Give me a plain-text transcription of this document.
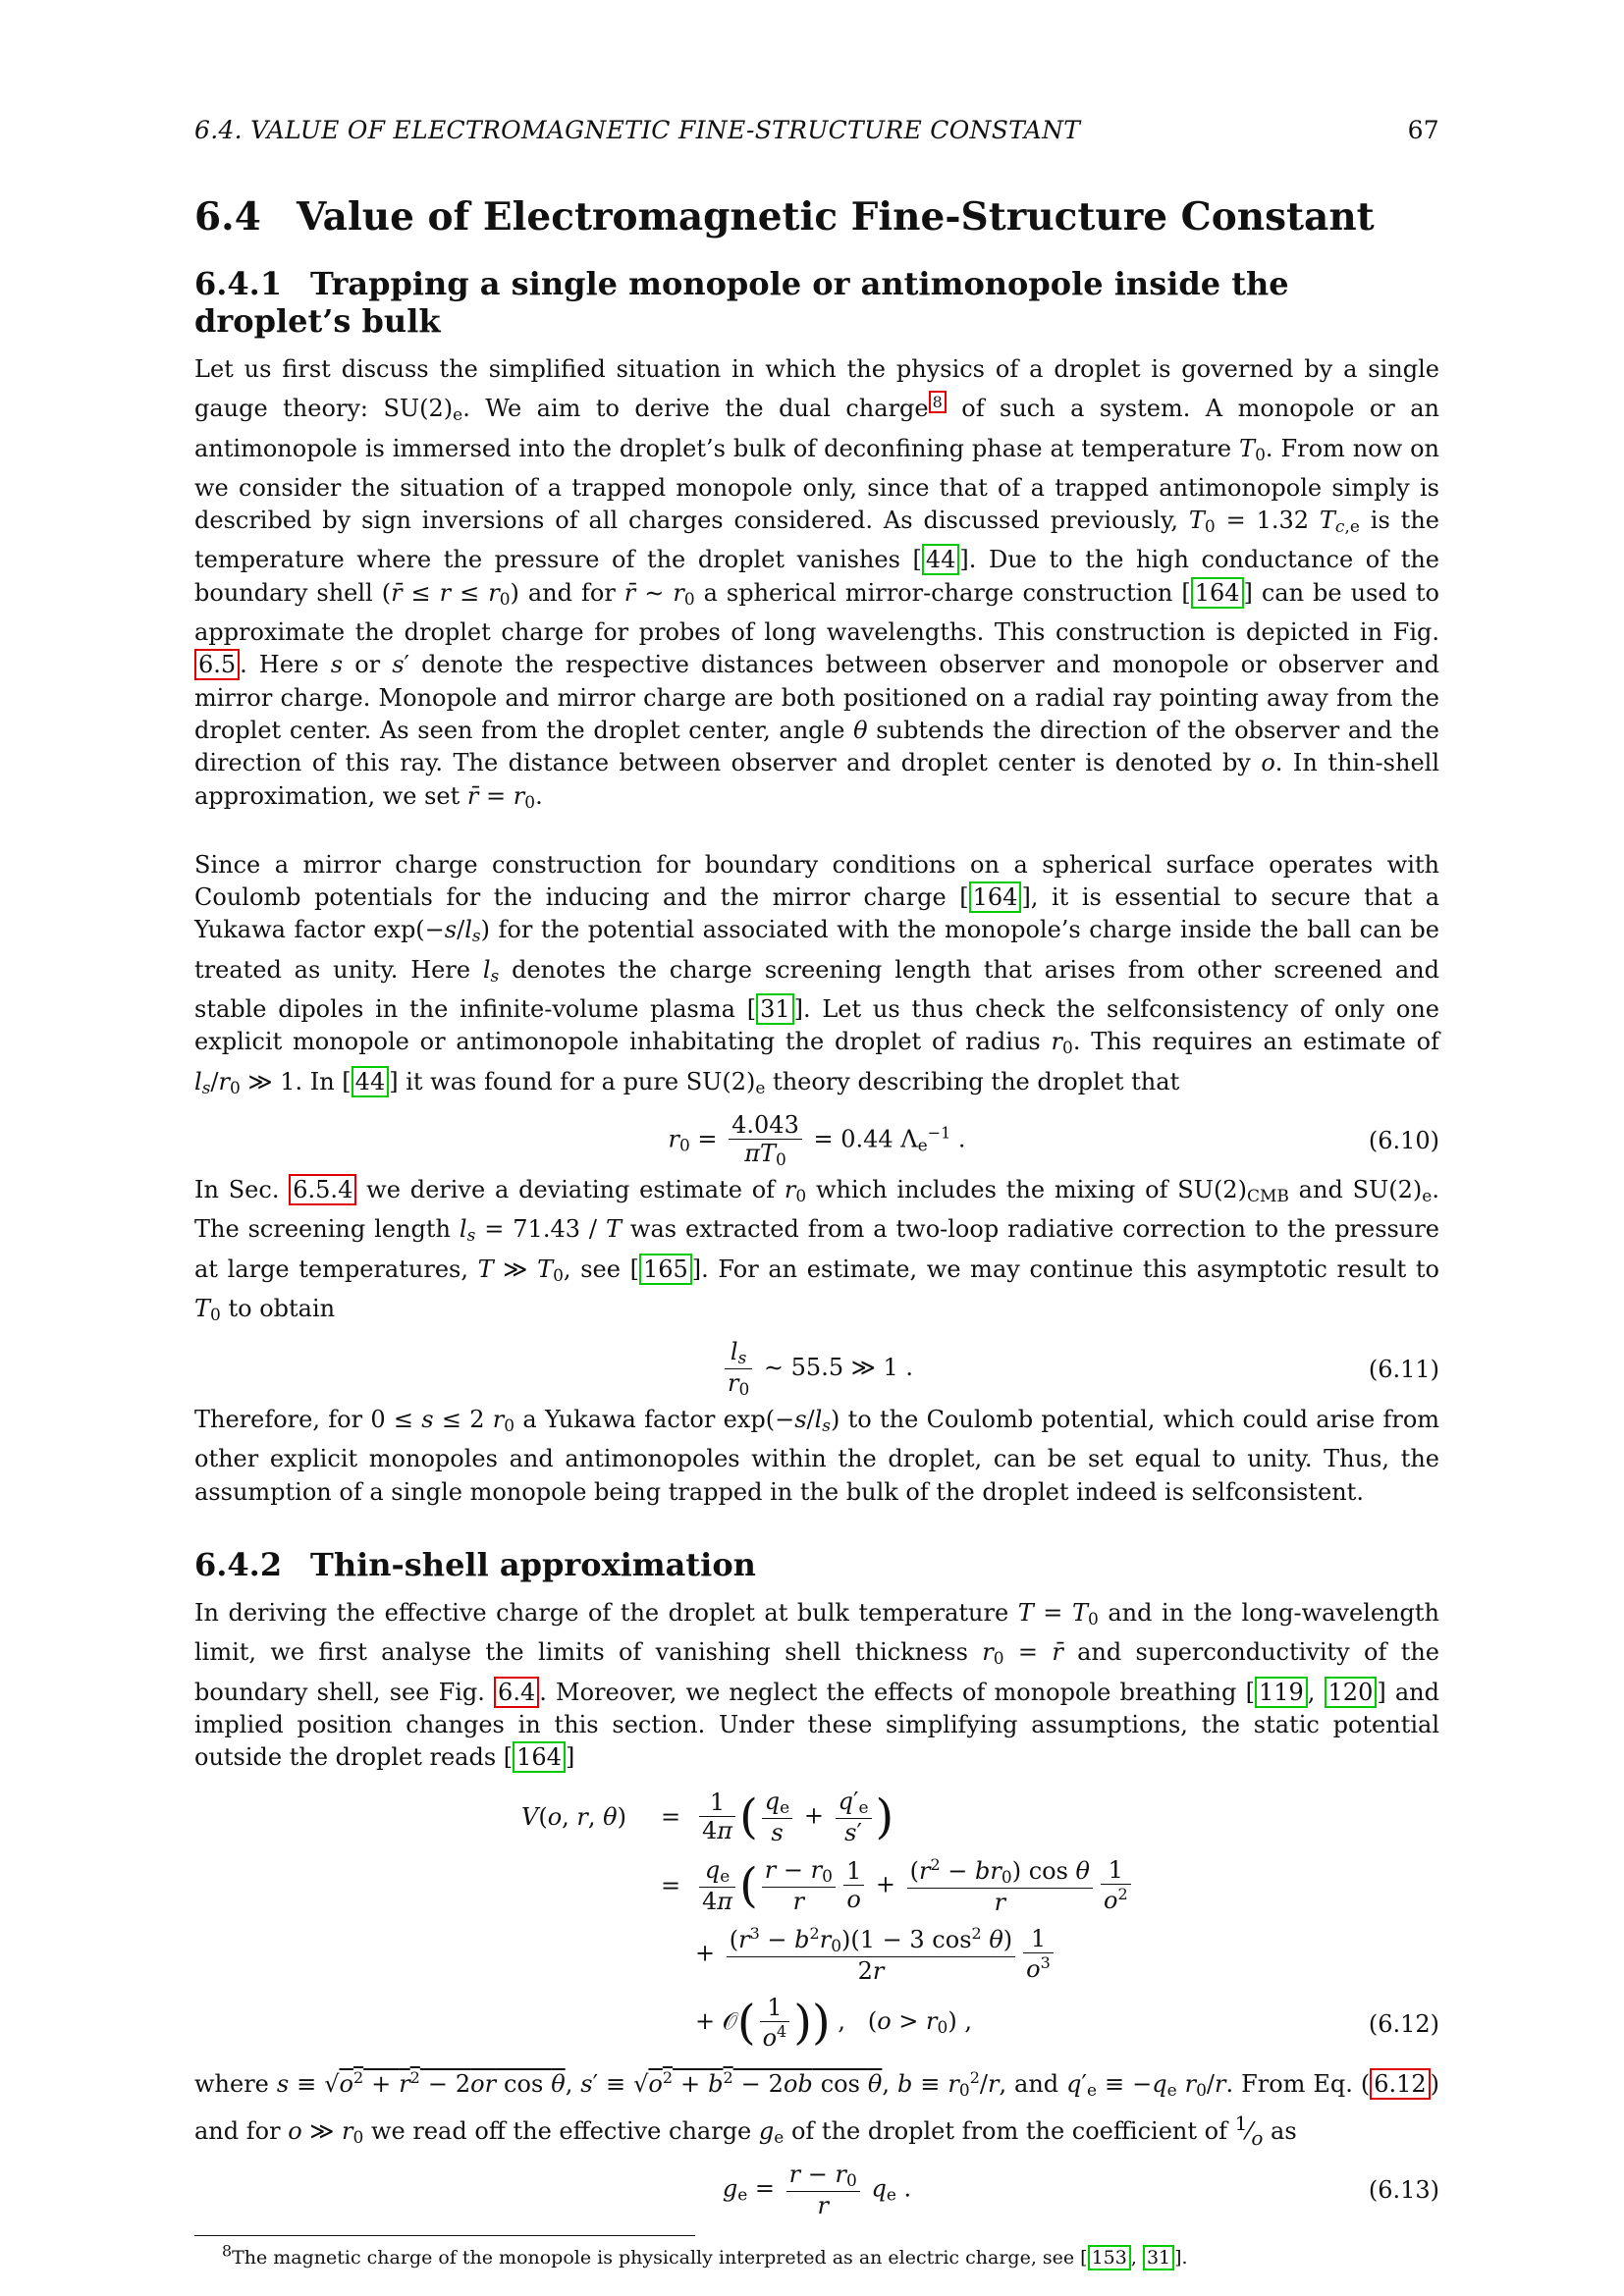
6.4. VALUE OF ELECTROMAGNETIC FINE-STRUCTURE CONSTANT	67
6.4 Value of Electromagnetic Fine-Structure Constant
6.4.1 Trapping a single monopole or antimonopole inside the droplet’s bulk

Let us first discuss the simplified situation in which the physics of a droplet is governed by a single gauge theory: $SU(2)_e$. We aim to derive the dual charge $^8$ of such a system. A monopole or an antimonopole is immersed into the droplet’s bulk of deconfining phase at temperature $T_0$. From now on we consider the situation of a trapped monopole only, since that of a trapped antimonopole simply is described by sign inversions of all charges considered. As discussed previously, $T_0 = 1.32$ $T_{c,e}$ is the temperature where the pressure of the droplet vanishes [ 44 ]. Due to the high conductance of the boundary shell (r̄ ≤ $r \le r_0$) and for r̄ ∼ $r_0$ a spherical mirror-charge construction [ 164 ] can be used to approximate the droplet charge for probes of long wavelengths. This construction is depicted in Fig. 6.5 . Here s or s′ denote the respective distances between observer and monopole or observer and mirror charge. Monopole and mirror charge are both positioned on a radial ray pointing away from the droplet center. As seen from the droplet center, angle θ subtends the direction of the observer and the direction of this ray. The distance between observer and droplet center is denoted by o. In thin-shell approximation, we set r̄ = $r_0$.

Since a mirror charge construction for boundary conditions on a spherical surface operates with Coulomb potentials for the inducing and the mirror charge [ 164 ], it is essential to secure that a Yukawa factor $\exp(-s/l_s)$ for the potential associated with the monopole’s charge inside the ball can be treated as unity. Here $l_s$ denotes the charge screening length that arises from other screened and stable dipoles in the infinite-volume plasma [ 31 ]. Let us thus check the selfconsistency of only one explicit monopole or antimonopole inhabitating the droplet of radius $r_0$. This requires an estimate of $l_s/r_0$ ≫ 1. In [ 44 ] it was found for a pure $SU(2)_e$ theory describing the droplet that

$r_0 = \frac{4.043}{\pi T_0} = 0.44$ $\Lambda_e^{-1}$ .	(6.10)

In Sec. 6.5.4 we derive a deviating estimate of $r_0$ which includes the mixing of $SU(2)_{CMB}$ and $SU(2)_e$. The screening length $l_s = 71.43 / T$ was extracted from a two-loop radiative correction to the pressure at large temperatures, T ≫ $T_0$, see [ 165 ]. For an estimate, we may continue this asymptotic result to $T_0$ to obtain

$\frac{l_s}{r_0}$ ∼ 55.5 ≫ 1 .	(6.11)

Therefore, for 0 ≤ s ≤ 2 $r_0$ a Yukawa factor $\exp(-s/l_s)$ to the Coulomb potential, which could arise from other explicit monopoles and antimonopoles within the droplet, can be set equal to unity. Thus, the assumption of a single monopole being trapped in the bulk of the droplet indeed is selfconsistent.

6.4.2 Thin-shell approximation

In deriving the effective charge of the droplet at bulk temperature $T = T_0$ and in the long-wavelength limit, we first analyse the limits of vanishing shell thickness $r_0$ = r̄ and superconductivity of the boundary shell, see Fig. 6.4 . Moreover, we neglect the effects of monopole breathing [ 119 , 120 ] and implied position changes in this section. Under these simplifying assumptions, the static potential outside the droplet reads [ 164 ]

V(o, r, θ)	= $\frac{1}{4\pi}$ ( $\frac{q_e}{s} + \frac{q'_e}{s'}$ )
= $\frac{q_e}{4\pi}$ ( $\frac{r - r_0}{r} \frac{1}{o} + \frac{(r^2 - br_0) \cos \theta}{r} \frac{1}{o^2}$
+ $\frac{(r^3 - b^2r_0)(1 - 3 \cos^2 \theta)}{2r} \frac{1}{o^3}$
+ 𝒪( $\frac{1}{o^4}$ )) ,   $(o > r_0)$ ,	(6.12)

where $s \equiv √o^2 + r^2 - 2or$ cos θ, $s' \equiv √o^2 + b^2 - 2ob$ cos θ, $b \equiv r_0^2/r$, and $q'_e \equiv -q_e$ $r_0/r$. From Eq. ( 6.12 ) and for o ≫ $r_0$ we read off the effective charge $g_e$ of the droplet from the coefficient of $^1⁄_o$ as

$g_e = \frac{r - r_0}{r} q_e$ .	(6.13)
$^8$The magnetic charge of the monopole is physically interpreted as an electric charge, see [ 153 , 31 ].
